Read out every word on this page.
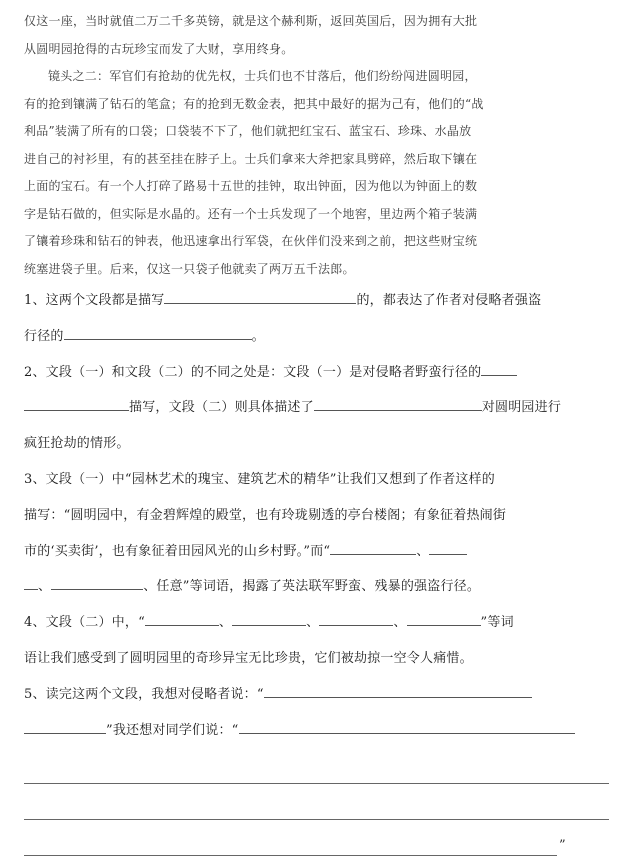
仅这一座，当时就值二万二千多英镑，就是这个赫利斯，返回英国后，因为拥有大批
从圆明园抢得的古玩珍宝而发了大财，享用终身。

镜头之二：军官们有抢劫的优先权，士兵们也不甘落后，他们纷纷闯进圆明园，
有的抢到镶满了钻石的笔盒；有的抢到无数金表，把其中最好的据为己有，他们的“战
利品”装满了所有的口袋；口袋装不下了，他们就把红宝石、蓝宝石、珍珠、水晶放
进自己的衬衫里，有的甚至挂在脖子上。士兵们拿来大斧把家具劈碎，然后取下镶在
上面的宝石。有一个人打碎了路易十五世的挂钟，取出钟面，因为他以为钟面上的数
字是钻石做的，但实际是水晶的。还有一个士兵发现了一个地窖，里边两个箱子装满
了镶着珍珠和钻石的钟表，他迅速拿出行军袋，在伙伴们没来到之前，把这些财宝统
统塞进袋子里。后来，仅这一只袋子他就卖了两万五千法郎。

1、这两个文段都是描写	的，都表达了作者对侵略者强盗
行径的	。

2、文段（一）和文段（二）的不同之处是：文段（一）是对侵略者野蛮行径的
描写，文段（二）则具体描述了	对圆明园进行
疯狂抢劫的情形。

3、文段（一）中“园林艺术的瑰宝、建筑艺术的精华”让我们又想到了作者这样的
描写：“圆明园中，有金碧辉煌的殿堂，也有玲珑剔透的亭台楼阁；有象征着热闹街
市的‘买卖街’，也有象征着田园风光的山乡村野。”而“	、
、	、任意”等词语，揭露了英法联军野蛮、残暴的强盗行径。

4、文段（二）中，“	、	、	、	”等词
语让我们感受到了圆明园里的奇珍异宝无比珍贵，它们被劫掠一空令人痛惜。

5、读完这两个文段，我想对侵略者说：“
”我还想对同学们说：“

”
